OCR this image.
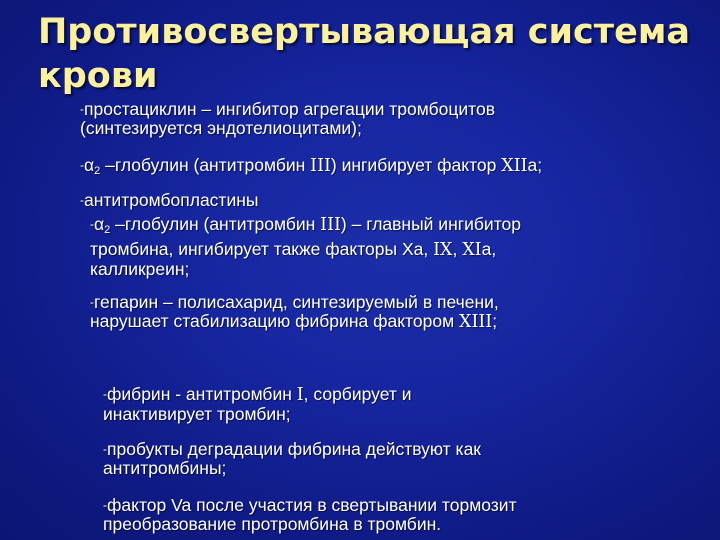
Противосвертывающая система
крови
-простациклин – ингибитор агрегации тромбоцитов
(синтезируется эндотелиоцитами);
$-\alpha_2$ –глобулин (антитромбин III) ингибирует фактор XIIa;
-антитромбопластины
$-\alpha_2$ –глобулин (антитромбин III) – главный ингибитор
тромбина, ингибирует также факторы Xa, IX, XIa,
калликреин;
-гепарин – полисахарид, синтезируемый в печени,
нарушает стабилизацию фибрина фактором XIII;
-фибрин - антитромбин I, сорбирует и
инактивирует тромбин;
-пробукты деградации фибрина действуют как
антитромбины;
-фактор Va после участия в свертывании тормозит
преобразование протромбина в тромбин.
